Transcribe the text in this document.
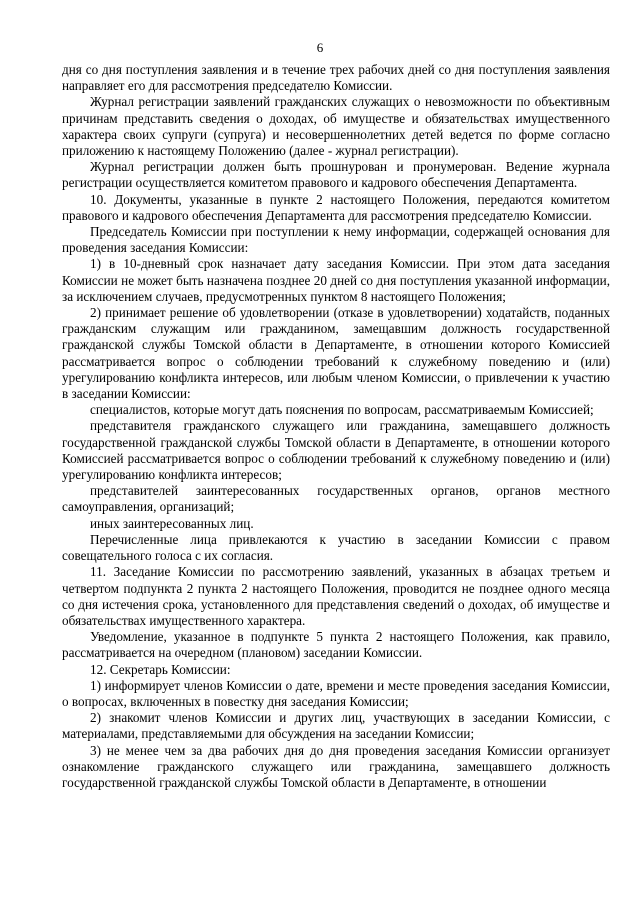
6

дня со дня поступления заявления и в течение трех рабочих дней со дня поступления заявления направляет его для рассмотрения председателю Комиссии.

Журнал регистрации заявлений гражданских служащих о невозможности по объективным причинам представить сведения о доходах, об имуществе и обязательствах имущественного характера своих супруги (супруга) и несовершеннолетних детей ведется по форме согласно приложению к настоящему Положению (далее - журнал регистрации).

Журнал регистрации должен быть прошнурован и пронумерован. Ведение журнала регистрации осуществляется комитетом правового и кадрового обеспечения Департамента.

10. Документы, указанные в пункте 2 настоящего Положения, передаются комитетом правового и кадрового обеспечения Департамента для рассмотрения председателю Комиссии.

Председатель Комиссии при поступлении к нему информации, содержащей основания для проведения заседания Комиссии:

1) в 10-дневный срок назначает дату заседания Комиссии. При этом дата заседания Комиссии не может быть назначена позднее 20 дней со дня поступления указанной информации, за исключением случаев, предусмотренных пунктом 8 настоящего Положения;

2) принимает решение об удовлетворении (отказе в удовлетворении) ходатайств, поданных гражданским служащим или гражданином, замещавшим должность государственной гражданской службы Томской области в Департаменте, в отношении которого Комиссией рассматривается вопрос о соблюдении требований к служебному поведению и (или) урегулированию конфликта интересов, или любым членом Комиссии, о привлечении к участию в заседании Комиссии:

специалистов, которые могут дать пояснения по вопросам, рассматриваемым Комиссией;

представителя гражданского служащего или гражданина, замещавшего должность государственной гражданской службы Томской области в Департаменте, в отношении которого Комиссией рассматривается вопрос о соблюдении требований к служебному поведению и (или) урегулированию конфликта интересов;

представителей заинтересованных государственных органов, органов местного самоуправления, организаций;

иных заинтересованных лиц.

Перечисленные лица привлекаются к участию в заседании Комиссии с правом совещательного голоса с их согласия.

11. Заседание Комиссии по рассмотрению заявлений, указанных в абзацах третьем и четвертом подпункта 2 пункта 2 настоящего Положения, проводится не позднее одного месяца со дня истечения срока, установленного для представления сведений о доходах, об имуществе и обязательствах имущественного характера.

Уведомление, указанное в подпункте 5 пункта 2 настоящего Положения, как правило, рассматривается на очередном (плановом) заседании Комиссии.

12. Секретарь Комиссии:

1) информирует членов Комиссии о дате, времени и месте проведения заседания Комиссии, о вопросах, включенных в повестку дня заседания Комиссии;

2) знакомит членов Комиссии и других лиц, участвующих в заседании Комиссии, с материалами, представляемыми для обсуждения на заседании Комиссии;

3) не менее чем за два рабочих дня до дня проведения заседания Комиссии организует ознакомление гражданского служащего или гражданина, замещавшего должность государственной гражданской службы Томской области в Департаменте, в отношении
